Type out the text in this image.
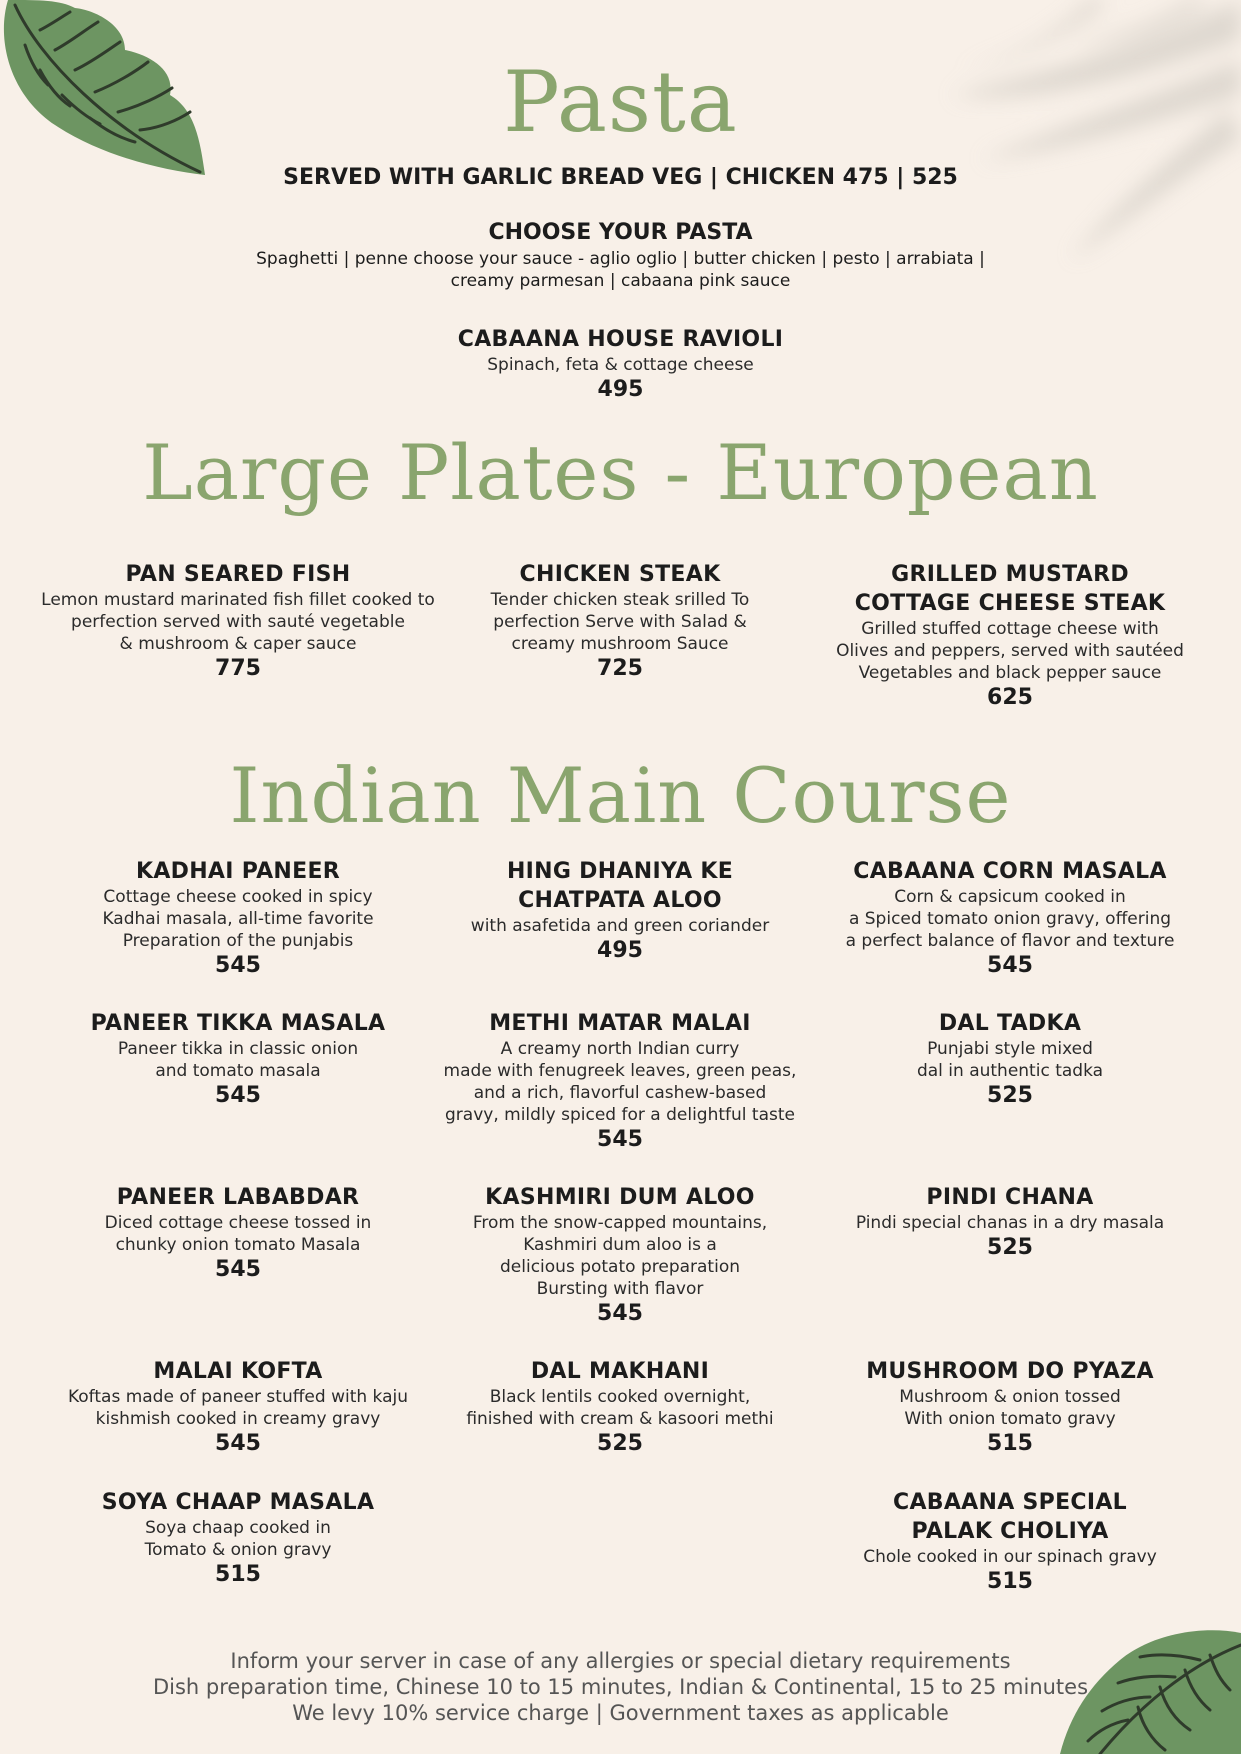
Pasta
SERVED WITH GARLIC BREAD VEG | CHICKEN 475 | 525
CHOOSE YOUR PASTA
Spaghetti | penne choose your sauce - aglio oglio | butter chicken | pesto | arrabiata |
creamy parmesan | cabaana pink sauce
CABAANA HOUSE RAVIOLI
Spinach, feta & cottage cheese
495
Large Plates - European
PAN SEARED FISH
Lemon mustard marinated fish fillet cooked to
perfection served with sauté vegetable
& mushroom & caper sauce
775
CHICKEN STEAK
Tender chicken steak srilled To
perfection Serve with Salad &
creamy mushroom Sauce
725
GRILLED MUSTARD
COTTAGE CHEESE STEAK
Grilled stuffed cottage cheese with
Olives and peppers, served with sautéed
Vegetables and black pepper sauce
625
Indian Main Course
KADHAI PANEER
Cottage cheese cooked in spicy
Kadhai masala, all-time favorite
Preparation of the punjabis
545
HING DHANIYA KE
CHATPATA ALOO
with asafetida and green coriander
495
CABAANA CORN MASALA
Corn & capsicum cooked in
a Spiced tomato onion gravy, offering
a perfect balance of flavor and texture
545
PANEER TIKKA MASALA
Paneer tikka in classic onion
and tomato masala
545
METHI MATAR MALAI
A creamy north Indian curry
made with fenugreek leaves, green peas,
and a rich, flavorful cashew-based
gravy, mildly spiced for a delightful taste
545
DAL TADKA
Punjabi style mixed
dal in authentic tadka
525
PANEER LABABDAR
Diced cottage cheese tossed in
chunky onion tomato Masala
545
KASHMIRI DUM ALOO
From the snow-capped mountains,
Kashmiri dum aloo is a
delicious potato preparation
Bursting with flavor
545
PINDI CHANA
Pindi special chanas in a dry masala
525
MALAI KOFTA
Koftas made of paneer stuffed with kaju
kishmish cooked in creamy gravy
545
DAL MAKHANI
Black lentils cooked overnight,
finished with cream & kasoori methi
525
MUSHROOM DO PYAZA
Mushroom & onion tossed
With onion tomato gravy
515
SOYA CHAAP MASALA
Soya chaap cooked in
Tomato & onion gravy
515
CABAANA SPECIAL
PALAK CHOLIYA
Chole cooked in our spinach gravy
515
Inform your server in case of any allergies or special dietary requirements
Dish preparation time, Chinese 10 to 15 minutes, Indian & Continental, 15 to 25 minutes
We levy 10% service charge | Government taxes as applicable
